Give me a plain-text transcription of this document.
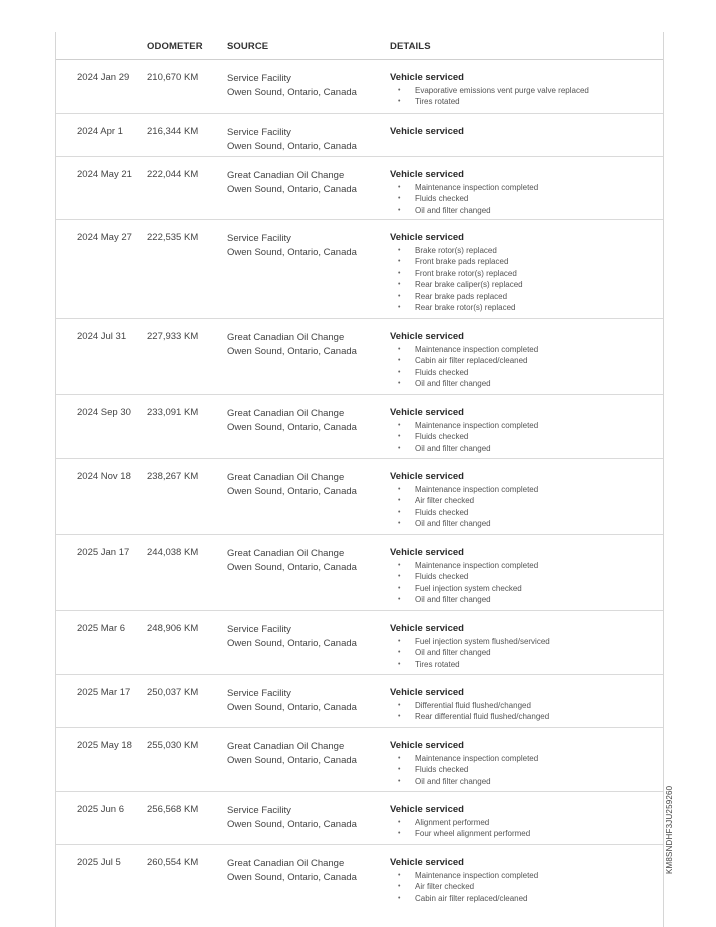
ODOMETER	SOURCE	DETAILS
2024 Jan 29 210,670 KM	Service Facility
Owen Sound, Ontario, Canada
Vehicle serviced
• Evaporative emissions vent purge valve replaced
• Tires rotated
2024 Apr 1	216,344 KM	Service Facility
Owen Sound, Ontario, Canada
Vehicle serviced
2024 May 21 222,044 KM	Great Canadian Oil Change
Owen Sound, Ontario, Canada
Vehicle serviced
• Maintenance inspection completed
• Fluids checked
• Oil and filter changed
2024 May 27 222,535 KM	Service Facility
Owen Sound, Ontario, Canada
Vehicle serviced
• Brake rotor(s) replaced
• Front brake pads replaced
• Front brake rotor(s) replaced
• Rear brake caliper(s) replaced
• Rear brake pads replaced
• Rear brake rotor(s) replaced
2024 Jul 31 227,933 KM	Great Canadian Oil Change
Owen Sound, Ontario, Canada
Vehicle serviced
• Maintenance inspection completed
• Cabin air filter replaced/cleaned
• Fluids checked
• Oil and filter changed
2024 Sep 30 233,091 KM	Great Canadian Oil Change
Owen Sound, Ontario, Canada
Vehicle serviced
• Maintenance inspection completed
• Fluids checked
• Oil and filter changed
2024 Nov 18 238,267 KM	Great Canadian Oil Change
Owen Sound, Ontario, Canada
Vehicle serviced
• Maintenance inspection completed
• Air filter checked
• Fluids checked
• Oil and filter changed
2025 Jan 17 244,038 KM	Great Canadian Oil Change
Owen Sound, Ontario, Canada
Vehicle serviced
• Maintenance inspection completed
• Fluids checked
• Fuel injection system checked
• Oil and filter changed
2025 Mar 6 248,906 KM	Service Facility
Owen Sound, Ontario, Canada
Vehicle serviced
• Fuel injection system flushed/serviced
• Oil and filter changed
• Tires rotated
2025 Mar 17 250,037 KM	Service Facility
Owen Sound, Ontario, Canada
Vehicle serviced
• Differential fluid flushed/changed
• Rear differential fluid flushed/changed
2025 May 18 255,030 KM	Great Canadian Oil Change
Owen Sound, Ontario, Canada
Vehicle serviced
• Maintenance inspection completed
• Fluids checked
• Oil and filter changed
2025 Jun 6 256,568 KM	Service Facility
Owen Sound, Ontario, Canada
Vehicle serviced
• Alignment performed
• Four wheel alignment performed
2025 Jul 5	260,554 KM	Great Canadian Oil Change
Owen Sound, Ontario, Canada
Vehicle serviced
• Maintenance inspection completed
• Air filter checked
• Cabin air filter replaced/cleaned
KM8SNDHF3JU259260
